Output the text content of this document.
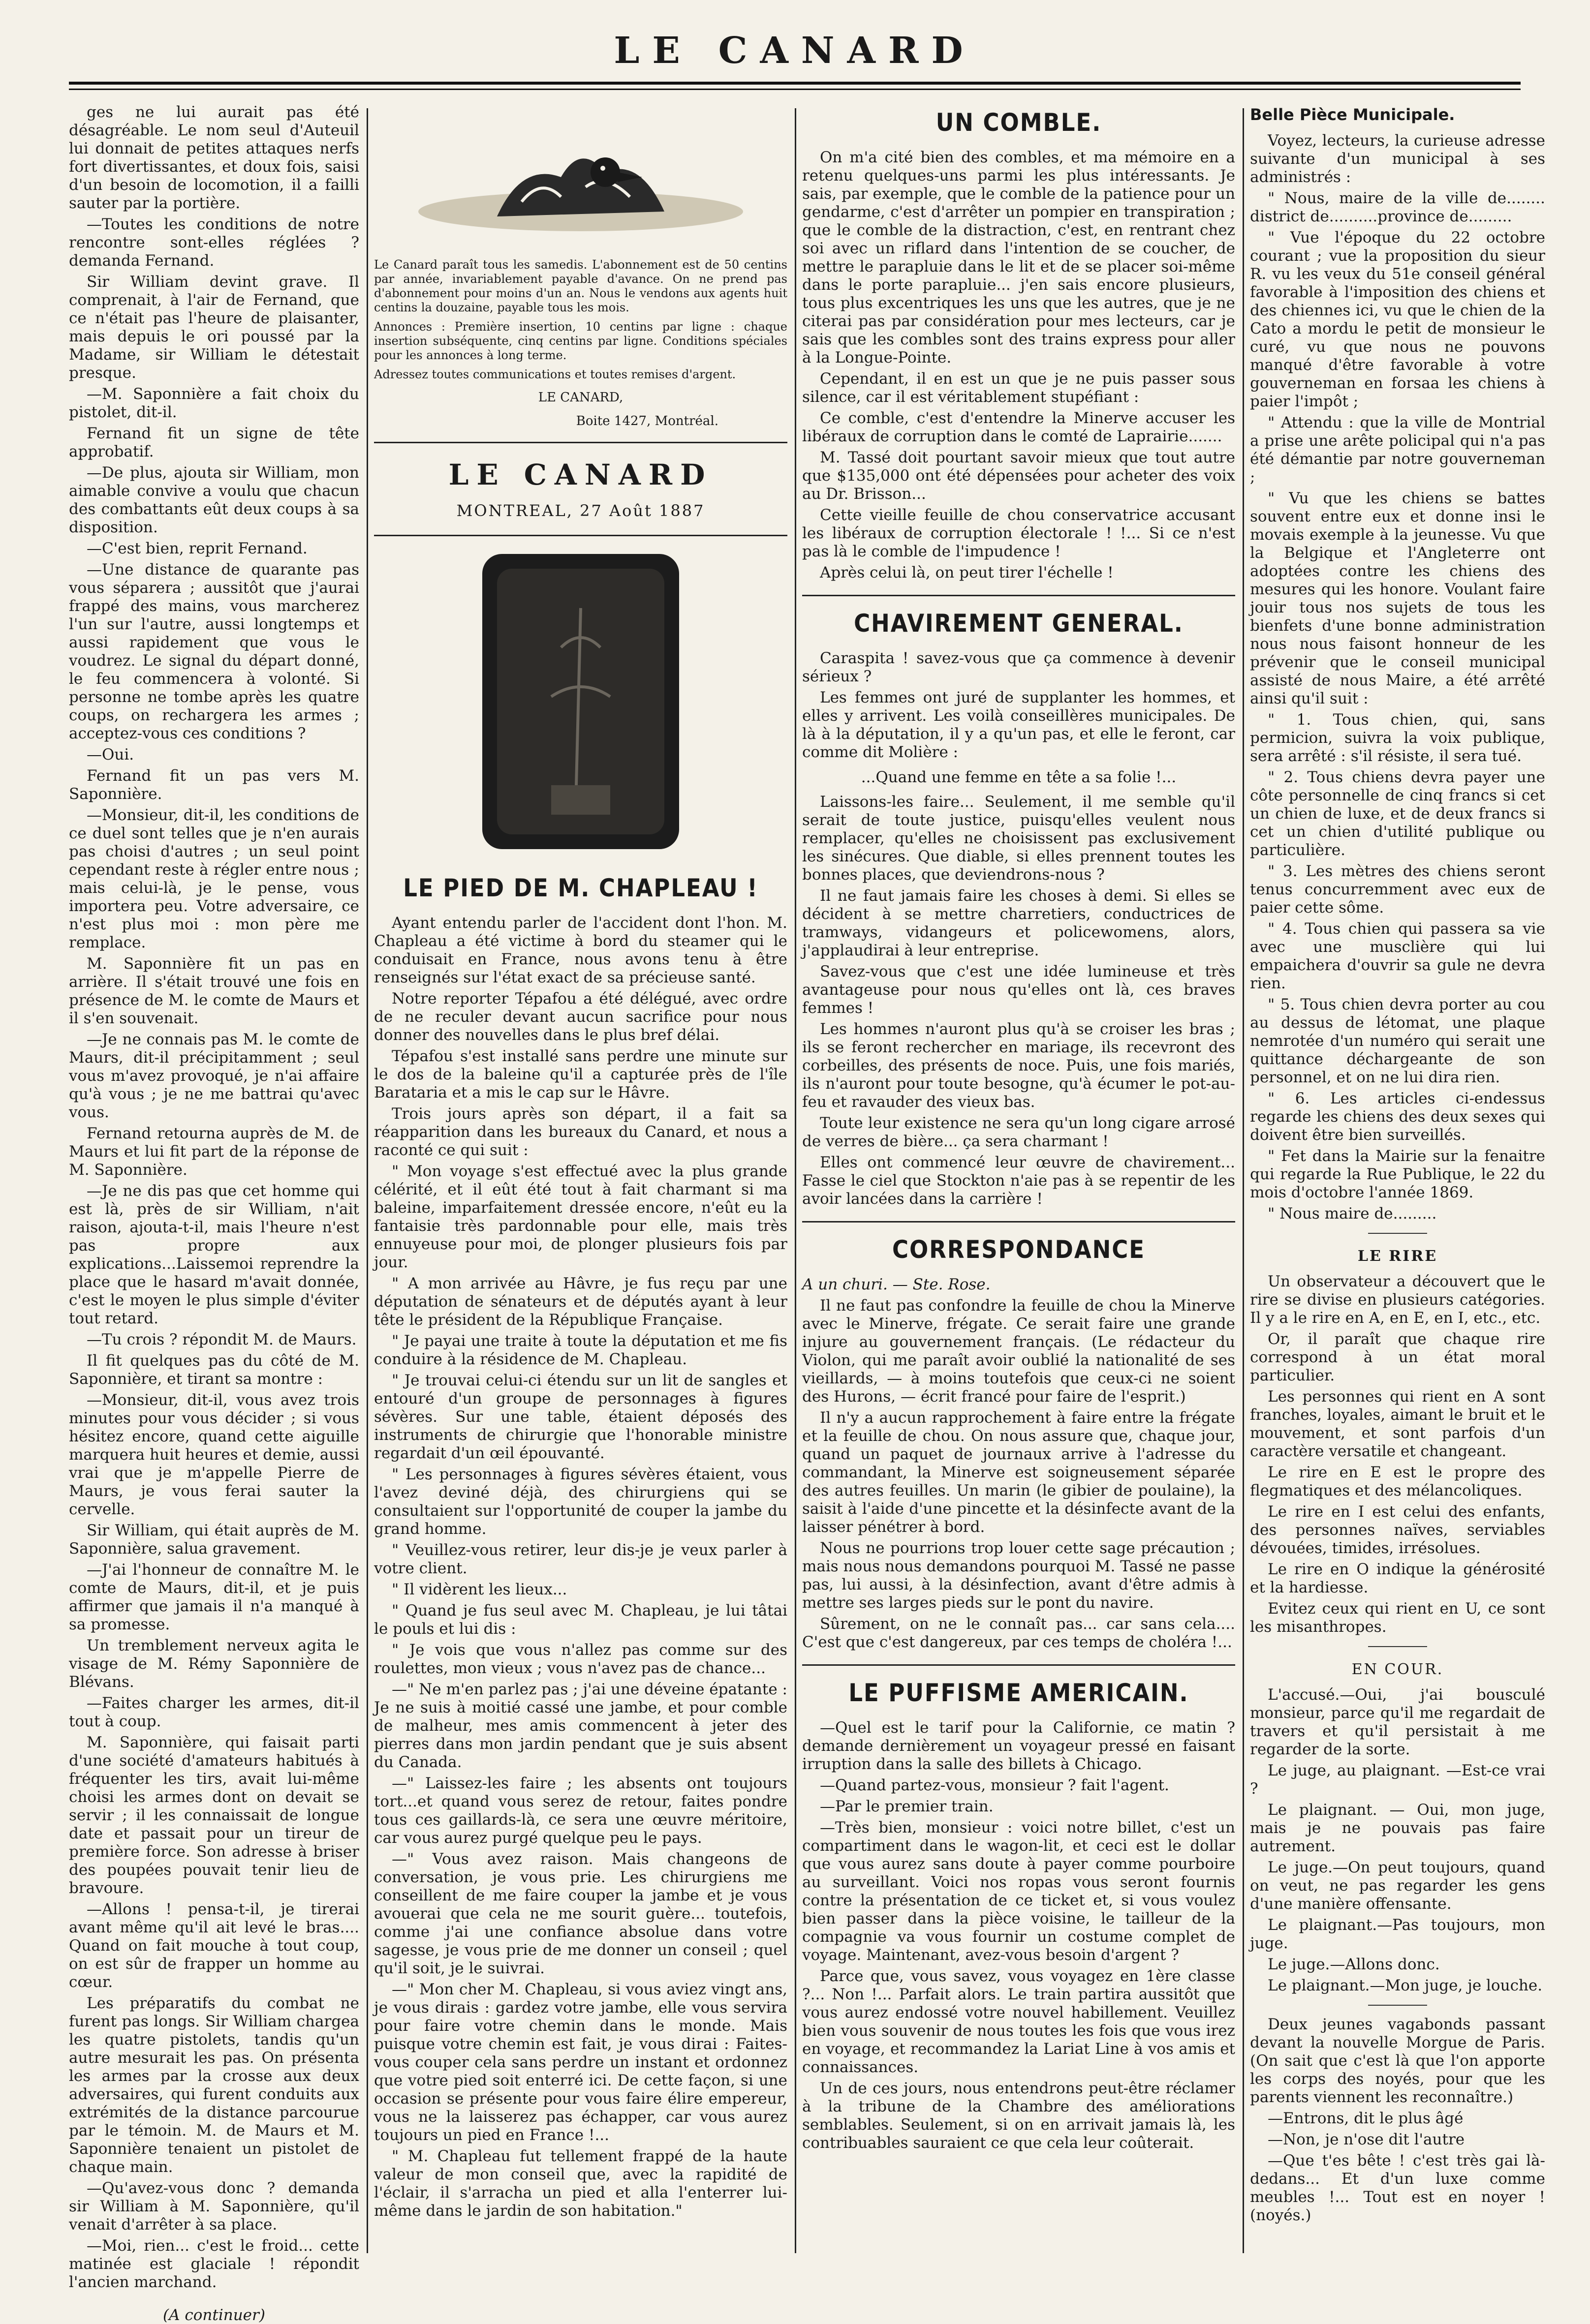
LE CANARD

ges ne lui aurait pas été désagréable. Le nom seul d'Auteuil lui donnait de petites attaques nerfs fort divertissantes, et doux fois, saisi d'un besoin de locomotion, il a failli sauter par la portière.

—Toutes les conditions de notre rencontre sont-elles réglées ? demanda Fernand.

Sir William devint grave. Il comprenait, à l'air de Fernand, que ce n'était pas l'heure de plaisanter, mais depuis le ori poussé par la Madame, sir William le détestait presque.

—M. Saponnière a fait choix du pistolet, dit-il.

Fernand fit un signe de tête approbatif.

—De plus, ajouta sir William, mon aimable convive a voulu que chacun des combattants eût deux coups à sa disposition.

—C'est bien, reprit Fernand.

—Une distance de quarante pas vous séparera ; aussitôt que j'aurai frappé des mains, vous marcherez l'un sur l'autre, aussi longtemps et aussi rapidement que vous le voudrez. Le signal du départ donné, le feu commencera à volonté. Si personne ne tombe après les quatre coups, on rechargera les armes ; acceptez-vous ces conditions ?

—Oui.

Fernand fit un pas vers M. Saponnière.

—Monsieur, dit-il, les conditions de ce duel sont telles que je n'en aurais pas choisi d'autres ; un seul point cependant reste à régler entre nous ; mais celui-là, je le pense, vous importera peu. Votre adversaire, ce n'est plus moi : mon père me remplace.

M. Saponnière fit un pas en arrière. Il s'était trouvé une fois en présence de M. le comte de Maurs et il s'en souvenait.

—Je ne connais pas M. le comte de Maurs, dit-il précipitamment ; seul vous m'avez provoqué, je n'ai affaire qu'à vous ; je ne me battrai qu'avec vous.

Fernand retourna auprès de M. de Maurs et lui fit part de la réponse de M. Saponnière.

—Je ne dis pas que cet homme qui est là, près de sir William, n'ait raison, ajouta-t-il, mais l'heure n'est pas propre aux explications...Laissemoi reprendre la place que le hasard m'avait donnée, c'est le moyen le plus simple d'éviter tout retard.

—Tu crois ? répondit M. de Maurs.

Il fit quelques pas du côté de M. Saponnière, et tirant sa montre :

—Monsieur, dit-il, vous avez trois minutes pour vous décider ; si vous hésitez encore, quand cette aiguille marquera huit heures et demie, aussi vrai que je m'appelle Pierre de Maurs, je vous ferai sauter la cervelle.

Sir William, qui était auprès de M. Saponnière, salua gravement.

—J'ai l'honneur de connaître M. le comte de Maurs, dit-il, et je puis affirmer que jamais il n'a manqué à sa promesse.

Un tremblement nerveux agita le visage de M. Rémy Saponnière de Blévans.

—Faites charger les armes, dit-il tout à coup.

M. Saponnière, qui faisait parti d'une société d'amateurs habitués à fréquenter les tirs, avait lui-même choisi les armes dont on devait se servir ; il les connaissait de longue date et passait pour un tireur de première force. Son adresse à briser des poupées pouvait tenir lieu de bravoure.

—Allons ! pensa-t-il, je tirerai avant même qu'il ait levé le bras.... Quand on fait mouche à tout coup, on est sûr de frapper un homme au cœur.

Les préparatifs du combat ne furent pas longs. Sir William chargea les quatre pistolets, tandis qu'un autre mesurait les pas. On présenta les armes par la crosse aux deux adversaires, qui furent conduits aux extrémités de la distance parcourue par le témoin. M. de Maurs et M. Saponnière tenaient un pistolet de chaque main.

—Qu'avez-vous donc ? demanda sir William à M. Saponnière, qu'il venait d'arrêter à sa place.

—Moi, rien... c'est le froid... cette matinée est glaciale ! répondit l'ancien marchand.

(A continuer)
Le Canard paraît tous les samedis. L'abonnement est de 50 centins par année, invariablement payable d'avance. On ne prend pas d'abonnement pour moins d'un an. Nous le vendons aux agents huit centins la douzaine, payable tous les mois.
Annonces : Première insertion, 10 centins par ligne : chaque insertion subséquente, cinq centins par ligne. Conditions spéciales pour les annonces à long terme.
Adressez toutes communications et toutes remises d'argent.
LE CANARD,
Boite 1427, Montréal.
LE CANARD
MONTREAL, 27 Août 1887
LE PIED DE M. CHAPLEAU !

Ayant entendu parler de l'accident dont l'hon. M. Chapleau a été victime à bord du steamer qui le conduisait en France, nous avons tenu à être renseignés sur l'état exact de sa précieuse santé.

Notre reporter Tépafou a été délégué, avec ordre de ne reculer devant aucun sacrifice pour nous donner des nouvelles dans le plus bref délai.

Tépafou s'est installé sans perdre une minute sur le dos de la baleine qu'il a capturée près de l'île Barataria et a mis le cap sur le Hâvre.

Trois jours après son départ, il a fait sa réapparition dans les bureaux du Canard, et nous a raconté ce qui suit :

" Mon voyage s'est effectué avec la plus grande célérité, et il eût été tout à fait charmant si ma baleine, imparfaitement dressée encore, n'eût eu la fantaisie très pardonnable pour elle, mais très ennuyeuse pour moi, de plonger plusieurs fois par jour.

" A mon arrivée au Hâvre, je fus reçu par une députation de sénateurs et de députés ayant à leur tête le président de la République Française.

" Je payai une traite à toute la députation et me fis conduire à la résidence de M. Chapleau.

" Je trouvai celui-ci étendu sur un lit de sangles et entouré d'un groupe de personnages à figures sévères. Sur une table, étaient déposés des instruments de chirurgie que l'honorable ministre regardait d'un œil épouvanté.

" Les personnages à figures sévères étaient, vous l'avez deviné déjà, des chirurgiens qui se consultaient sur l'opportunité de couper la jambe du grand homme.

" Veuillez-vous retirer, leur dis-je je veux parler à votre client.

" Il vidèrent les lieux...

" Quand je fus seul avec M. Chapleau, je lui tâtai le pouls et lui dis :

" Je vois que vous n'allez pas comme sur des roulettes, mon vieux ; vous n'avez pas de chance...

—" Ne m'en parlez pas ; j'ai une déveine épatante : Je ne suis à moitié cassé une jambe, et pour comble de malheur, mes amis commencent à jeter des pierres dans mon jardin pendant que je suis absent du Canada.

—" Laissez-les faire ; les absents ont toujours tort...et quand vous serez de retour, faites pondre tous ces gaillards-là, ce sera une œuvre méritoire, car vous aurez purgé quelque peu le pays.

—" Vous avez raison. Mais changeons de conversation, je vous prie. Les chirurgiens me conseillent de me faire couper la jambe et je vous avouerai que cela ne me sourit guère... toutefois, comme j'ai une confiance absolue dans votre sagesse, je vous prie de me donner un conseil ; quel qu'il soit, je le suivrai.

—" Mon cher M. Chapleau, si vous aviez vingt ans, je vous dirais : gardez votre jambe, elle vous servira pour faire votre chemin dans le monde. Mais puisque votre chemin est fait, je vous dirai : Faites-vous couper cela sans perdre un instant et ordonnez que votre pied soit enterré ici. De cette façon, si une occasion se présente pour vous faire élire empereur, vous ne la laisserez pas échapper, car vous aurez toujours un pied en France !...

" M. Chapleau fut tellement frappé de la haute valeur de mon conseil que, avec la rapidité de l'éclair, il s'arracha un pied et alla l'enterrer lui-même dans le jardin de son habitation."

UN COMBLE.

On m'a cité bien des combles, et ma mémoire en a retenu quelques-uns parmi les plus intéressants. Je sais, par exemple, que le comble de la patience pour un gendarme, c'est d'arrêter un pompier en transpiration ; que le comble de la distraction, c'est, en rentrant chez soi avec un riflard dans l'intention de se coucher, de mettre le parapluie dans le lit et de se placer soi-même dans le porte parapluie... j'en sais encore plusieurs, tous plus excentriques les uns que les autres, que je ne citerai pas par considération pour mes lecteurs, car je sais que les combles sont des trains express pour aller à la Longue-Pointe.

Cependant, il en est un que je ne puis passer sous silence, car il est véritablement stupéfiant :

Ce comble, c'est d'entendre la Minerve accuser les libéraux de corruption dans le comté de Laprairie.......

M. Tassé doit pourtant savoir mieux que tout autre que $135,000 ont été dépensées pour acheter des voix au Dr. Brisson...

Cette vieille feuille de chou conservatrice accusant les libéraux de corruption électorale ! !... Si ce n'est pas là le comble de l'impudence !

Après celui là, on peut tirer l'échelle !

CHAVIREMENT GENERAL.

Caraspita ! savez-vous que ça commence à devenir sérieux ?

Les femmes ont juré de supplanter les hommes, et elles y arrivent. Les voilà conseillères municipales. De là à la députation, il y a qu'un pas, et elle le feront, car comme dit Molière :

...Quand une femme en tête a sa folie !...

Laissons-les faire... Seulement, il me semble qu'il serait de toute justice, puisqu'elles veulent nous remplacer, qu'elles ne choisissent pas exclusivement les sinécures. Que diable, si elles prennent toutes les bonnes places, que deviendrons-nous ?

Il ne faut jamais faire les choses à demi. Si elles se décident à se mettre charretiers, conductrices de tramways, vidangeurs et policewomens, alors, j'applaudirai à leur entreprise.

Savez-vous que c'est une idée lumineuse et très avantageuse pour nous qu'elles ont là, ces braves femmes !

Les hommes n'auront plus qu'à se croiser les bras ; ils se feront rechercher en mariage, ils recevront des corbeilles, des présents de noce. Puis, une fois mariés, ils n'auront pour toute besogne, qu'à écumer le pot-au-feu et ravauder des vieux bas.

Toute leur existence ne sera qu'un long cigare arrosé de verres de bière... ça sera charmant !

Elles ont commencé leur œuvre de chavirement... Fasse le ciel que Stockton n'aie pas à se repentir de les avoir lancées dans la carrière !

CORRESPONDANCE

A un churi. — Ste. Rose.

Il ne faut pas confondre la feuille de chou la Minerve avec le Minerve, frégate. Ce serait faire une grande injure au gouvernement français. (Le rédacteur du Violon, qui me paraît avoir oublié la nationalité de ses vieillards, — à moins toutefois que ceux-ci ne soient des Hurons, — écrit francé pour faire de l'esprit.)

Il n'y a aucun rapprochement à faire entre la frégate et la feuille de chou. On nous assure que, chaque jour, quand un paquet de journaux arrive à l'adresse du commandant, la Minerve est soigneusement séparée des autres feuilles. Un marin (le gibier de poulaine), la saisit à l'aide d'une pincette et la désinfecte avant de la laisser pénétrer à bord.

Nous ne pourrions trop louer cette sage précaution ; mais nous nous demandons pourquoi M. Tassé ne passe pas, lui aussi, à la désinfection, avant d'être admis à mettre ses larges pieds sur le pont du navire.

Sûrement, on ne le connaît pas... car sans cela.... C'est que c'est dangereux, par ces temps de choléra !...

LE PUFFISME AMERICAIN.

—Quel est le tarif pour la Californie, ce matin ? demande dernièrement un voyageur pressé en faisant irruption dans la salle des billets à Chicago.

—Quand partez-vous, monsieur ? fait l'agent.

—Par le premier train.

—Très bien, monsieur : voici notre billet, c'est un compartiment dans le wagon-lit, et ceci est le dollar que vous aurez sans doute à payer comme pourboire au surveillant. Voici nos ropas vous seront fournis contre la présentation de ce ticket et, si vous voulez bien passer dans la pièce voisine, le tailleur de la compagnie va vous fournir un costume complet de voyage. Maintenant, avez-vous besoin d'argent ?

Parce que, vous savez, vous voyagez en 1ère classe ?... Non !... Parfait alors. Le train partira aussitôt que vous aurez endossé votre nouvel habillement. Veuillez bien vous souvenir de nous toutes les fois que vous irez en voyage, et recommandez la Lariat Line à vos amis et connaissances.

Un de ces jours, nous entendrons peut-être réclamer à la tribune de la Chambre des améliorations semblables. Seulement, si on en arrivait jamais là, les contribuables sauraient ce que cela leur coûterait.

Belle Pièce Municipale.

Voyez, lecteurs, la curieuse adresse suivante d'un municipal à ses administrés :

" Nous, maire de la ville de........ district de..........province de.........

" Vue l'époque du 22 octobre courant ; vue la proposition du sieur R. vu les veux du 51e conseil général favorable à l'imposition des chiens et des chiennes ici, vu que le chien de la Cato a mordu le petit de monsieur le curé, vu que nous ne pouvons manqué d'être favorable à votre gouverneman en forsaa les chiens à paier l'impôt ;

" Attendu : que la ville de Montrial a prise une arête policipal qui n'a pas été démantie par notre gouverneman ;

" Vu que les chiens se battes souvent entre eux et donne insi le movais exemple à la jeunesse. Vu que la Belgique et l'Angleterre ont adoptées contre les chiens des mesures qui les honore. Voulant faire jouir tous nos sujets de tous les bienfets d'une bonne administration nous nous faisont honneur de les prévenir que le conseil municipal assisté de nous Maire, a été arrêté ainsi qu'il suit :

" 1. Tous chien, qui, sans permicion, suivra la voix publique, sera arrêté : s'il résiste, il sera tué.

" 2. Tous chiens devra payer une côte personnelle de cinq francs si cet un chien de luxe, et de deux francs si cet un chien d'utilité publique ou particulière.

" 3. Les mètres des chiens seront tenus concurremment avec eux de paier cette sôme.

" 4. Tous chien qui passera sa vie avec une musclière qui lui empaichera d'ouvrir sa gule ne devra rien.

" 5. Tous chien devra porter au cou au dessus de létomat, une plaque nemrotée d'un numéro qui serait une quittance déchargeante de son personnel, et on ne lui dira rien.

" 6. Les articles ci-endessus regarde les chiens des deux sexes qui doivent être bien surveillés.

" Fet dans la Mairie sur la fenaitre qui regarde la Rue Publique, le 22 du mois d'octobre l'année 1869.

" Nous maire de.........

LE RIRE

Un observateur a découvert que le rire se divise en plusieurs catégories. Il y a le rire en A, en E, en I, etc., etc.

Or, il paraît que chaque rire correspond à un état moral particulier.

Les personnes qui rient en A sont franches, loyales, aimant le bruit et le mouvement, et sont parfois d'un caractère versatile et changeant.

Le rire en E est le propre des flegmatiques et des mélancoliques.

Le rire en I est celui des enfants, des personnes naïves, serviables dévouées, timides, irrésolues.

Le rire en O indique la générosité et la hardiesse.

Evitez ceux qui rient en U, ce sont les misanthropes.

EN COUR.

L'accusé.—Oui, j'ai bousculé monsieur, parce qu'il me regardait de travers et qu'il persistait à me regarder de la sorte.

Le juge, au plaignant. —Est-ce vrai ?

Le plaignant. — Oui, mon juge, mais je ne pouvais pas faire autrement.

Le juge.—On peut toujours, quand on veut, ne pas regarder les gens d'une manière offensante.

Le plaignant.—Pas toujours, mon juge.

Le juge.—Allons donc.

Le plaignant.—Mon juge, je louche.

Deux jeunes vagabonds passant devant la nouvelle Morgue de Paris. (On sait que c'est là que l'on apporte les corps des noyés, pour que les parents viennent les reconnaître.)

—Entrons, dit le plus âgé

—Non, je n'ose dit l'autre

—Que t'es bête ! c'est très gai là-dedans... Et d'un luxe comme meubles !... Tout est en noyer ! (noyés.)
